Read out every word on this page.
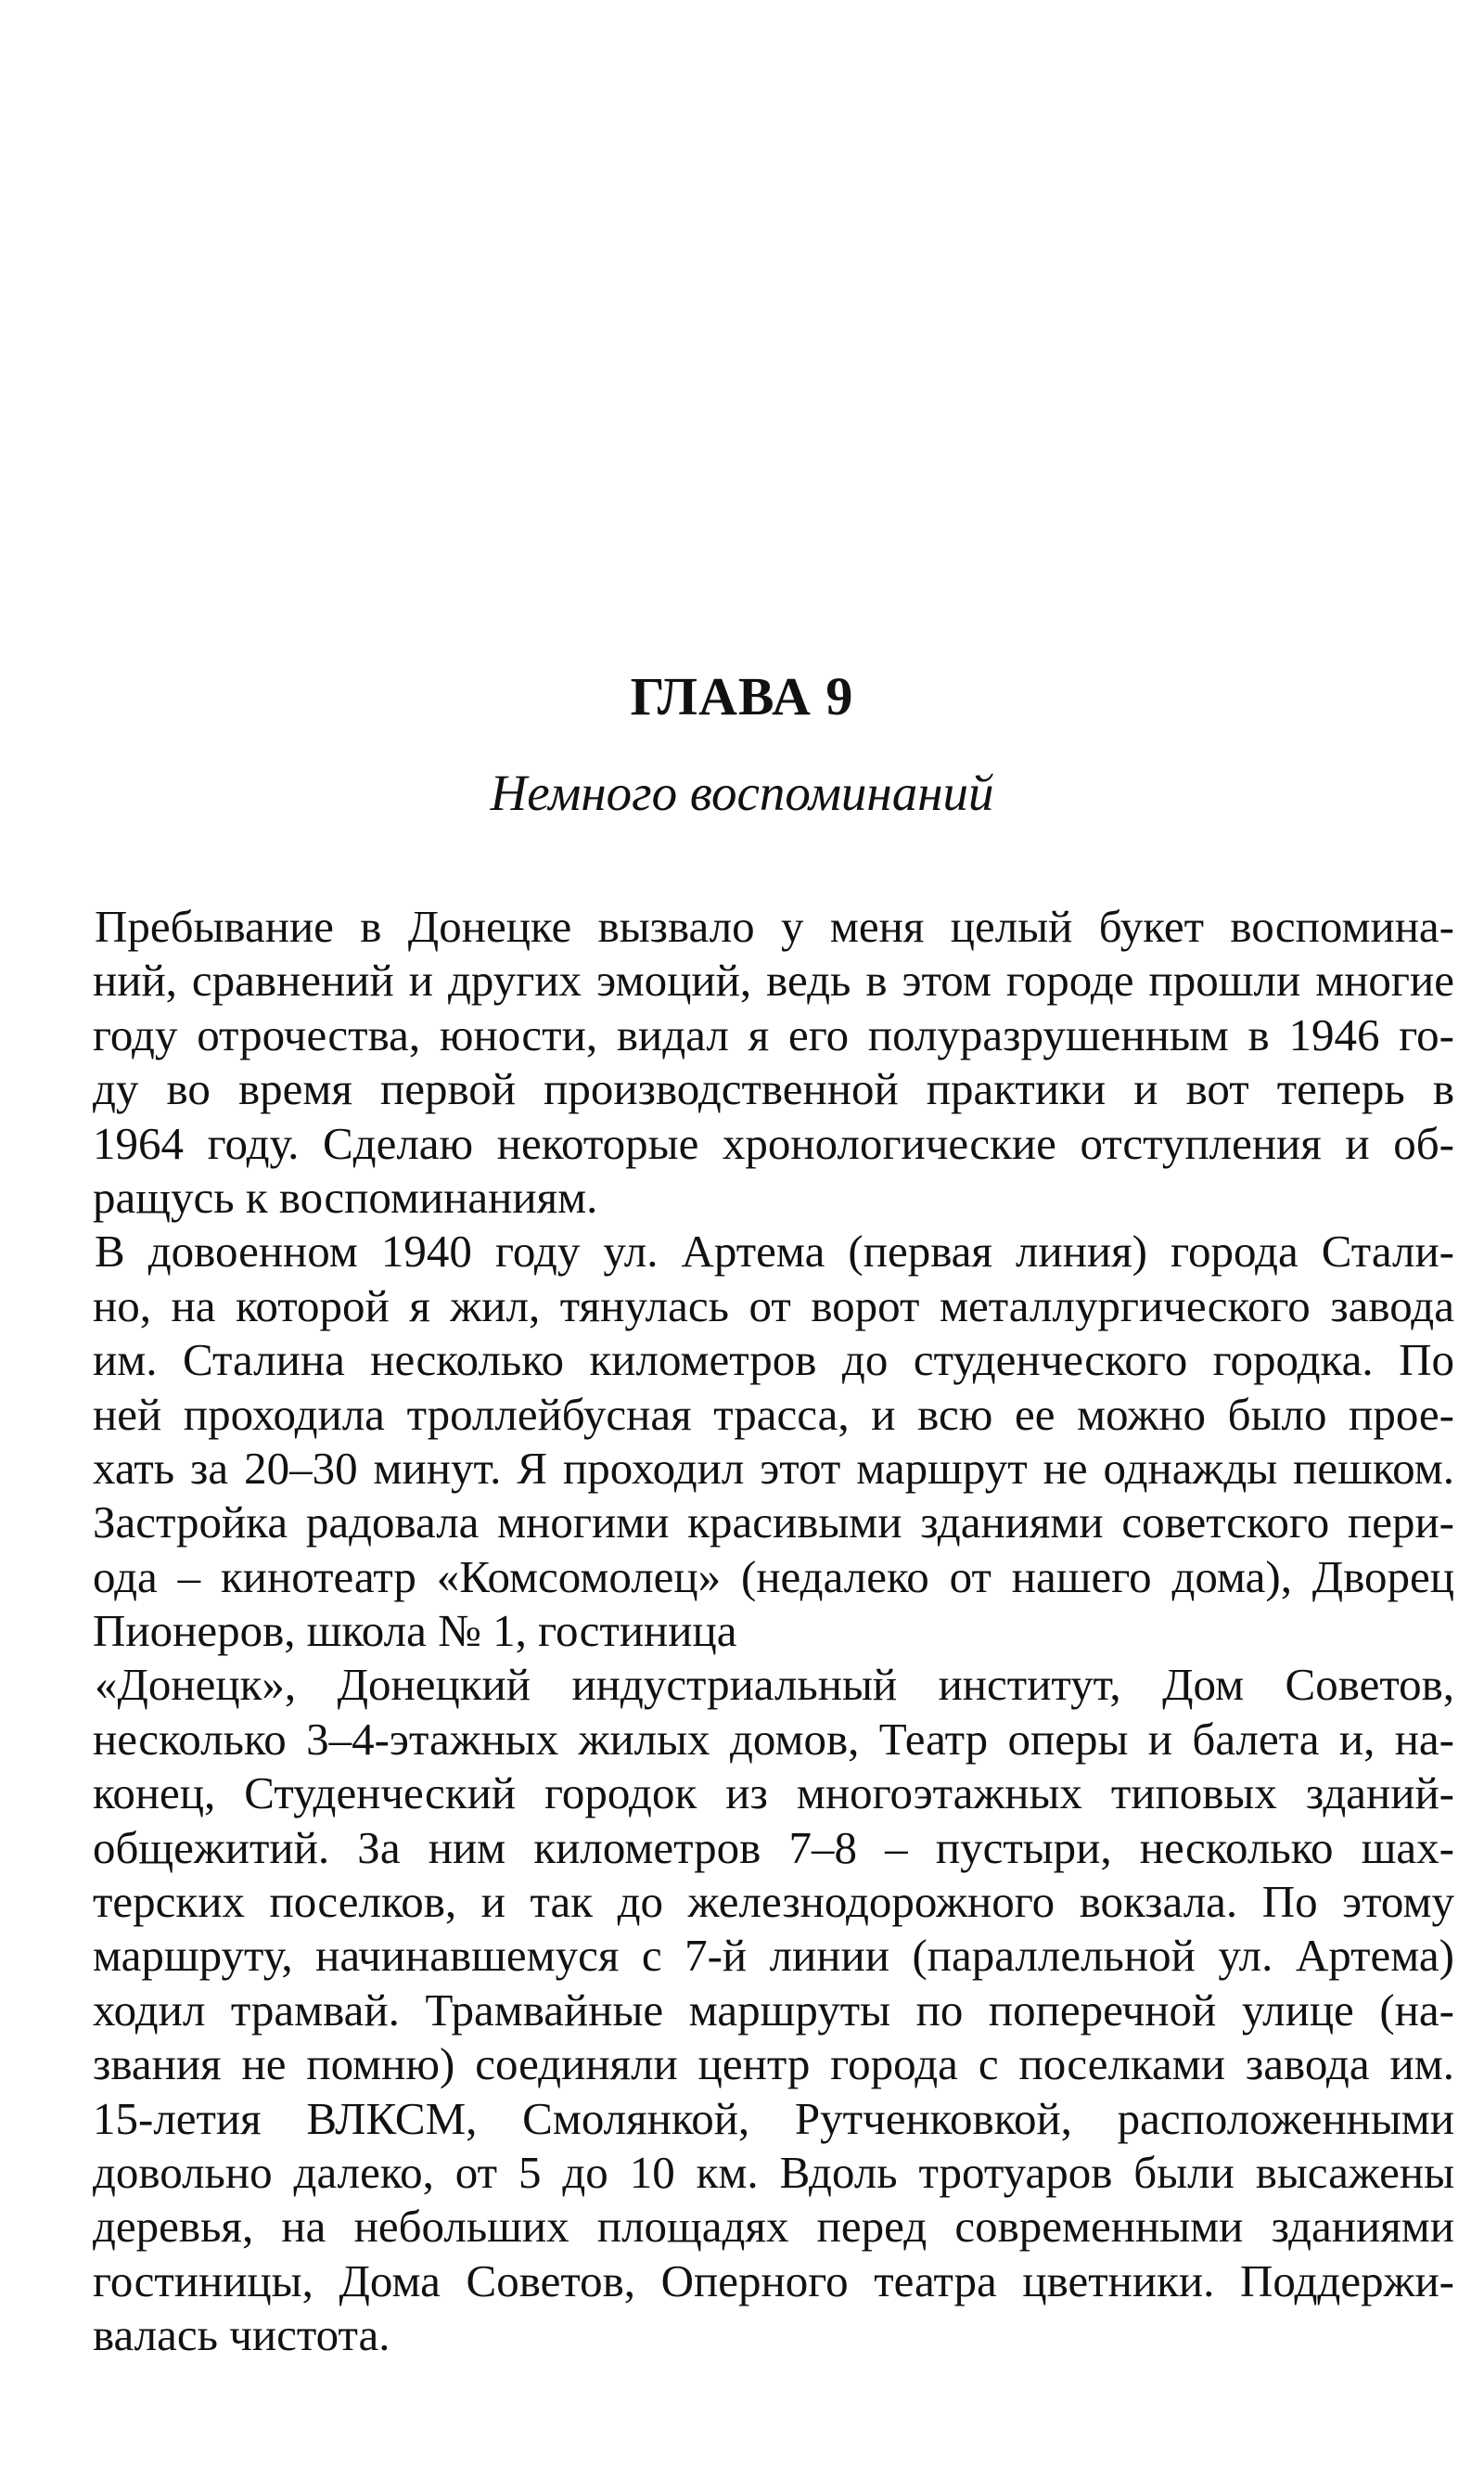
ГЛАВА 9
Немного воспоминаний
Пребывание в Донецке вызвало у меня целый букет воспомина-
ний, сравнений и других эмоций, ведь в этом городе прошли многие
году отрочества, юности, видал я его полуразрушенным в 1946 го-
ду во время первой производственной практики и вот теперь в
1964 году. Сделаю некоторые хронологические отступления и об-
ращусь к воспоминаниям.
В довоенном 1940 году ул. Артема (первая линия) города Стали-
но, на которой я жил, тянулась от ворот металлургического завода
им. Сталина несколько километров до студенческого городка. По
ней проходила троллейбусная трасса, и всю ее можно было прое-
хать за 20–30 минут. Я проходил этот маршрут не однажды пешком.
Застройка радовала многими красивыми зданиями советского пери-
ода – кинотеатр «Комсомолец» (недалеко от нашего дома), Дворец
Пионеров, школа № 1, гостиница
«Донецк», Донецкий индустриальный институт, Дом Советов,
несколько 3–4-этажных жилых домов, Театр оперы и балета и, на-
конец, Студенческий городок из многоэтажных типовых зданий-
общежитий. За ним километров 7–8 – пустыри, несколько шах-
терских поселков, и так до железнодорожного вокзала. По этому
маршруту, начинавшемуся с 7-й линии (параллельной ул. Артема)
ходил трамвай. Трамвайные маршруты по поперечной улице (на-
звания не помню) соединяли центр города с поселками завода им.
15-летия ВЛКСМ, Смолянкой, Рутченковкой, расположенными
довольно далеко, от 5 до 10 км. Вдоль тротуаров были высажены
деревья, на небольших площадях перед современными зданиями
гостиницы, Дома Советов, Оперного театра цветники. Поддержи-
валась чистота.
